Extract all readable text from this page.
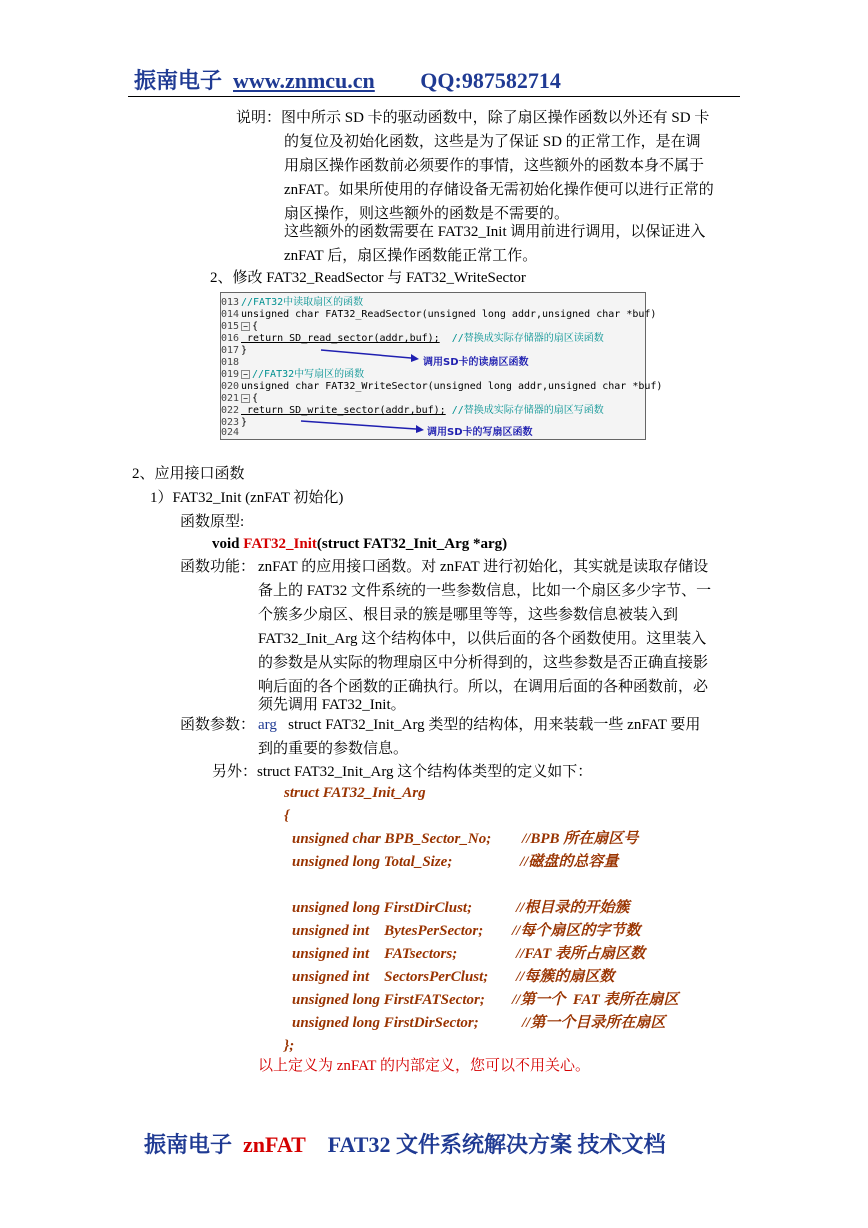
振南电子 www.znmcu.cn QQ:987582714
说明：图中所示 SD 卡的驱动函数中，除了扇区操作函数以外还有 SD 卡
的复位及初始化函数，这些是为了保证 SD 的正常工作，是在调
用扇区操作函数前必须要作的事情，这些额外的函数本身不属于
znFAT。如果所使用的存储设备无需初始化操作便可以进行正常的
扇区操作，则这些额外的函数是不需要的。
这些额外的函数需要在 FAT32_Init 调用前进行调用，以保证进入
znFAT 后，扇区操作函数能正常工作。
2、修改 FAT32_ReadSector 与 FAT32_WriteSector
013 //FAT32中读取扇区的函数
014 unsigned char FAT32_ReadSector(unsigned long addr,unsigned char *buf)
015 − {
016 return SD_read_sector(addr,buf); //替换成实际存储器的扇区读函数
017 }
018
019 − //FAT32中写扇区的函数
020 unsigned char FAT32_WriteSector(unsigned long addr,unsigned char *buf)
021 − {
022 return SD_write_sector(addr,buf); //替换成实际存储器的扇区写函数
023 }
024
调用SD卡的读扇区函数
调用SD卡的写扇区函数
2、应用接口函数
1）FAT32_Init (znFAT 初始化)
函数原型:
void FAT32_Init(struct FAT32_Init_Arg *arg)
函数功能： znFAT 的应用接口函数。对 znFAT 进行初始化，其实就是读取存储设
备上的 FAT32 文件系统的一些参数信息，比如一个扇区多少字节、一
个簇多少扇区、根目录的簇是哪里等等，这些参数信息被装入到
FAT32_Init_Arg 这个结构体中，以供后面的各个函数使用。这里装入
的参数是从实际的物理扇区中分析得到的，这些参数是否正确直接影
响后面的各个函数的正确执行。所以，在调用后面的各种函数前，必
须先调用 FAT32_Init。
函数参数： arg struct FAT32_Init_Arg 类型的结构体，用来装载一些 znFAT 要用
到的重要的参数信息。
另外：struct FAT32_Init_Arg 这个结构体类型的定义如下：
struct FAT32_Init_Arg
{
unsigned char BPB_Sector_No; //BPB 所在扇区号
unsigned long Total_Size;	//磁盘的总容量
unsigned long FirstDirClust;	//根目录的开始簇
unsigned int    BytesPerSector; //每个扇区的字节数
unsigned int    FATsectors;	//FAT 表所占扇区数
unsigned int    SectorsPerClust; //每簇的扇区数
unsigned long FirstFATSector; //第一个  FAT 表所在扇区
unsigned long FirstDirSector;	//第一个目录所在扇区
};
以上定义为 znFAT 的内部定义，您可以不用关心。
振南电子 znFAT FAT32 文件系统解决方案 技术文档
